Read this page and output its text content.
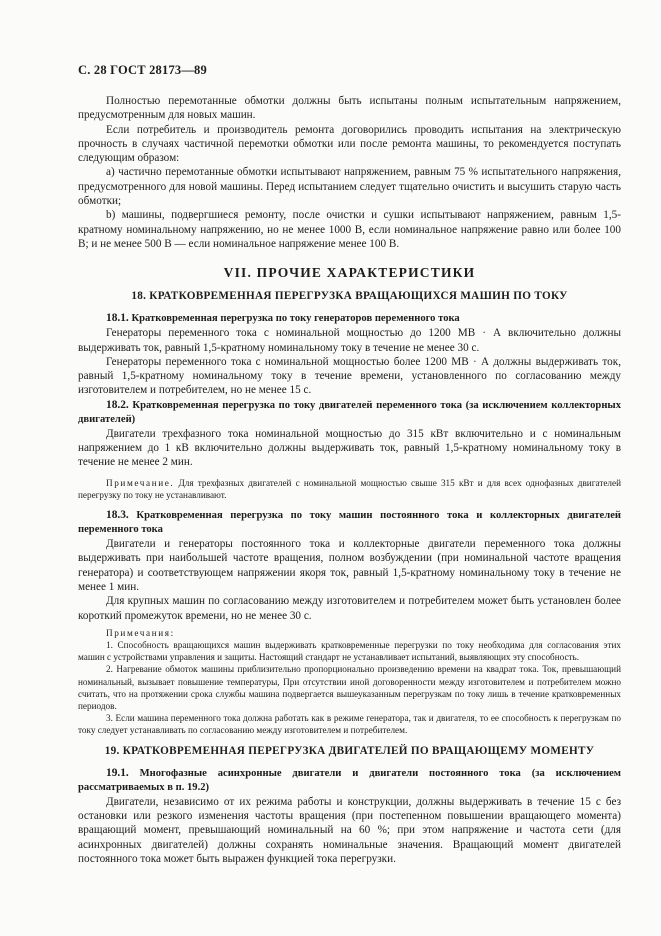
С. 28 ГОСТ 28173—89

Полностью перемотанные обмотки должны быть испытаны полным испытательным напряжением, предусмотренным для новых машин.

Если потребитель и производитель ремонта договорились проводить испытания на электрическую прочность в случаях частичной перемотки обмотки или после ремонта машины, то рекомендуется поступать следующим образом:

а) частично перемотанные обмотки испытывают напряжением, равным 75 % испытательного напряжения, предусмотренного для новой машины. Перед испытанием следует тщательно очистить и высушить старую часть обмотки;

b) машины, подвергшиеся ремонту, после очистки и сушки испытывают напряжением, равным 1,5-кратному номинальному напряжению, но не менее 1000 В, если номинальное напряжение равно или более 100 В; и не менее 500 В — если номинальное напряжение менее 100 В.

VII. ПРОЧИЕ ХАРАКТЕРИСТИКИ
18. КРАТКОВРЕМЕННАЯ ПЕРЕГРУЗКА ВРАЩАЮЩИХСЯ МАШИН ПО ТОКУ

18.1. Кратковременная перегрузка по току генераторов переменного тока

Генераторы переменного тока с номинальной мощностью до 1200 МВ · А включительно должны выдерживать ток, равный 1,5-кратному номинальному току в течение не менее 30 с.

Генераторы переменного тока с номинальной мощностью более 1200 МВ · А должны выдерживать ток, равный 1,5-кратному номинальному току в течение времени, установленного по согласованию между изготовителем и потребителем, но не менее 15 с.

18.2. Кратковременная перегрузка по току двигателей переменного тока (за исключением коллекторных двигателей)

Двигатели трехфазного тока номинальной мощностью до 315 кВт включительно и с номинальным напряжением до 1 кВ включительно должны выдерживать ток, равный 1,5-кратному номинальному току в течение не менее 2 мин.

Примечание. Для трехфазных двигателей с номинальной мощностью свыше 315 кВт и для всех однофазных двигателей перегрузку по току не устанавливают.

18.3. Кратковременная перегрузка по току машин постоянного тока и коллекторных двигателей переменного тока

Двигатели и генераторы постоянного тока и коллекторные двигатели переменного тока должны выдерживать при наибольшей частоте вращения, полном возбуждении (при номинальной частоте вращения генератора) и соответствующем напряжении якоря ток, равный 1,5-кратному номинальному току в течение не менее 1 мин.

Для крупных машин по согласованию между изготовителем и потребителем может быть установлен более короткий промежуток времени, но не менее 30 с.

Примечания:

1. Способность вращающихся машин выдерживать кратковременные перегрузки по току необходима для согласования этих машин с устройствами управления и защиты. Настоящий стандарт не устанавливает испытаний, выявляющих эту способность.

2. Нагревание обмоток машины приблизительно пропорционально произведению времени на квадрат тока. Ток, превышающий номинальный, вызывает повышение температуры, При отсутствии иной договоренности между изготовителем и потребителем можно считать, что на протяжении срока службы машина подвергается вышеуказанным перегрузкам по току лишь в течение кратковременных периодов.

3. Если машина переменного тока должна работать как в режиме генератора, так и двигателя, то ее способность к перегрузкам по току следует устанавливать по согласованию между изготовителем и потребителем.

19. КРАТКОВРЕМЕННАЯ ПЕРЕГРУЗКА ДВИГАТЕЛЕЙ ПО ВРАЩАЮЩЕМУ МОМЕНТУ

19.1. Многофазные асинхронные двигатели и двигатели постоянного тока (за исключением рассматриваемых в п. 19.2)

Двигатели, независимо от их режима работы и конструкции, должны выдерживать в течение 15 с без остановки или резкого изменения частоты вращения (при постепенном повышении вращающего момента) вращающий момент, превышающий номинальный на 60 %; при этом напряжение и частота сети (для асинхронных двигателей) должны сохранять номинальные значения. Вращающий момент двигателей постоянного тока может быть выражен функцией тока перегрузки.
